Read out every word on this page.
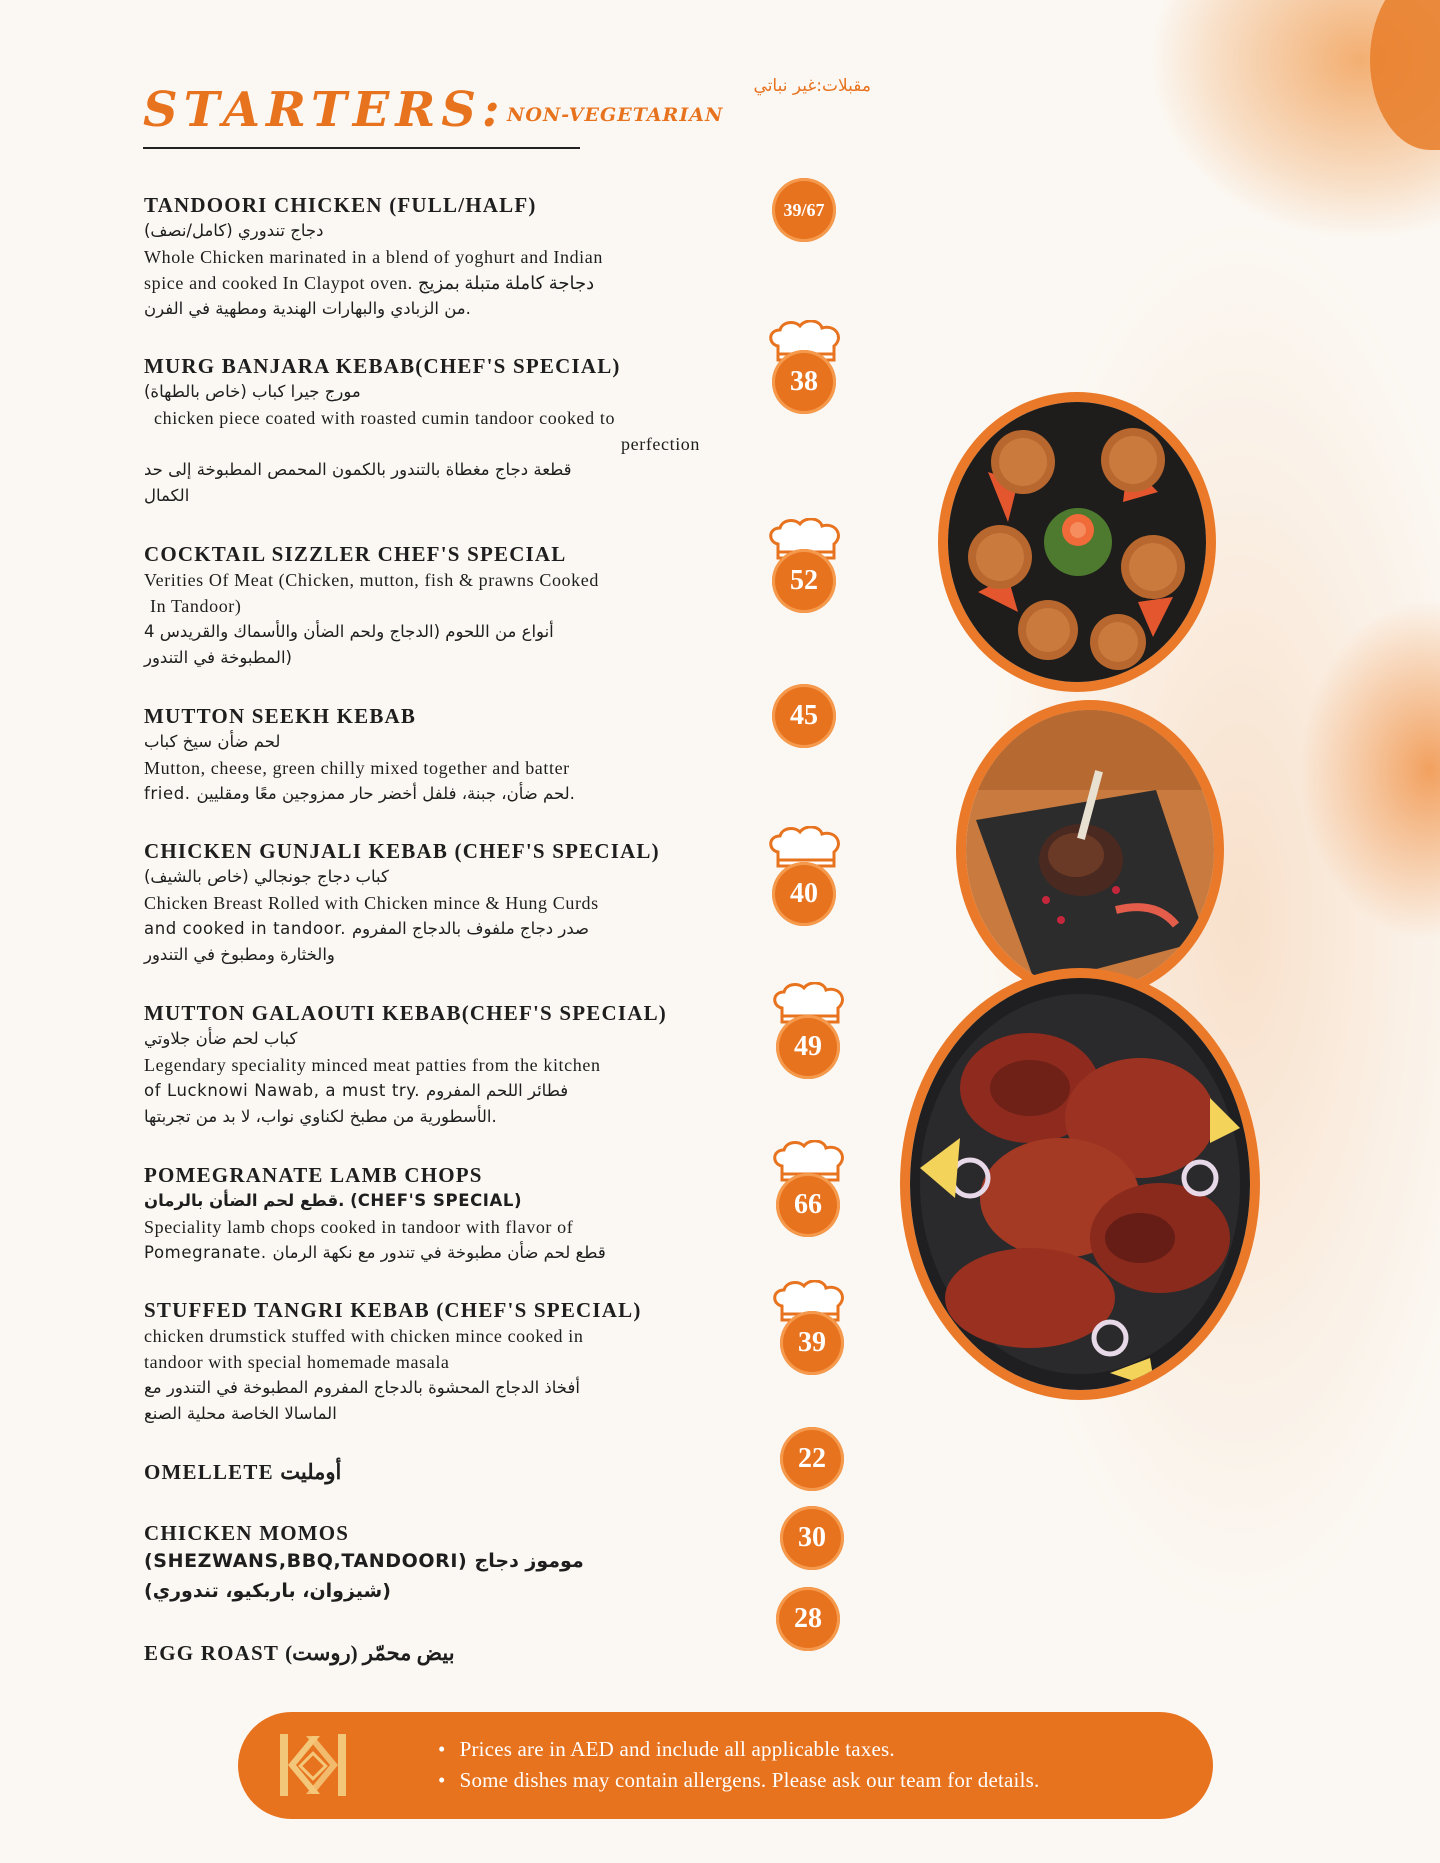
STARTERS:	مقبلات:غير نباتي
NON-VEGETARIAN
TANDOORI CHICKEN (FULL/HALF)
دجاج تندوري (كامل/نصف)
Whole Chicken marinated in a blend of yoghurt and Indian
spice and cooked In Claypot oven. دجاجة كاملة متبلة بمزيج
من الزبادي والبهارات الهندية ومطهية في الفرن.
MURG BANJARA KEBAB(CHEF'S SPECIAL)
مورج جيرا كباب (خاص بالطهاة)
chicken piece coated with roasted cumin tandoor cooked to
perfection
قطعة دجاج مغطاة بالتندور بالكمون المحمص المطبوخة إلى حد
الكمال
COCKTAIL SIZZLER CHEF'S SPECIAL
Verities Of Meat (Chicken, mutton, fish & prawns Cooked
In Tandoor)
4 أنواع من اللحوم (الدجاج ولحم الضأن والأسماك والقريدس
المطبوخة في التندور)
MUTTON SEEKH KEBAB
لحم ضأن سيخ كباب
Mutton, cheese, green chilly mixed together and batter
fried. لحم ضأن، جبنة، فلفل أخضر حار ممزوجين معًا ومقليين.
CHICKEN GUNJALI KEBAB (CHEF'S SPECIAL)
كباب دجاج جونجالي (خاص بالشيف)
Chicken Breast Rolled with Chicken mince & Hung Curds
and cooked in tandoor. صدر دجاج ملفوف بالدجاج المفروم
والخثارة ومطبوخ في التندور
MUTTON GALAOUTI KEBAB(CHEF'S SPECIAL)
كباب لحم ضأن جلاوتي
Legendary speciality minced meat patties from the kitchen
of Lucknowi Nawab, a must try. فطائر اللحم المفروم
الأسطورية من مطبخ لكناوي نواب، لا بد من تجربتها.
POMEGRANATE LAMB CHOPS
قطع لحم الضأن بالرمان. (CHEF'S SPECIAL)
Speciality lamb chops cooked in tandoor with flavor of
Pomegranate. قطع لحم ضأن مطبوخة في تندور مع نكهة الرمان
STUFFED TANGRI KEBAB (CHEF'S SPECIAL)
chicken drumstick stuffed with chicken mince cooked in
tandoor with special homemade masala
أفخاذ الدجاج المحشوة بالدجاج المفروم المطبوخة في التندور مع
الماسالا الخاصة محلية الصنع
OMELLETE أومليت
CHICKEN MOMOS
(SHEZWANS,BBQ,TANDOORI) موموز دجاج
(شيزوان، باربكيو، تندوري)
EGG ROAST بيض محمّر (روست)
39/67
38
52
45
40
49
66
39
22
30
28
• Prices are in AED and include all applicable taxes.
• Some dishes may contain allergens. Please ask our team for details.
